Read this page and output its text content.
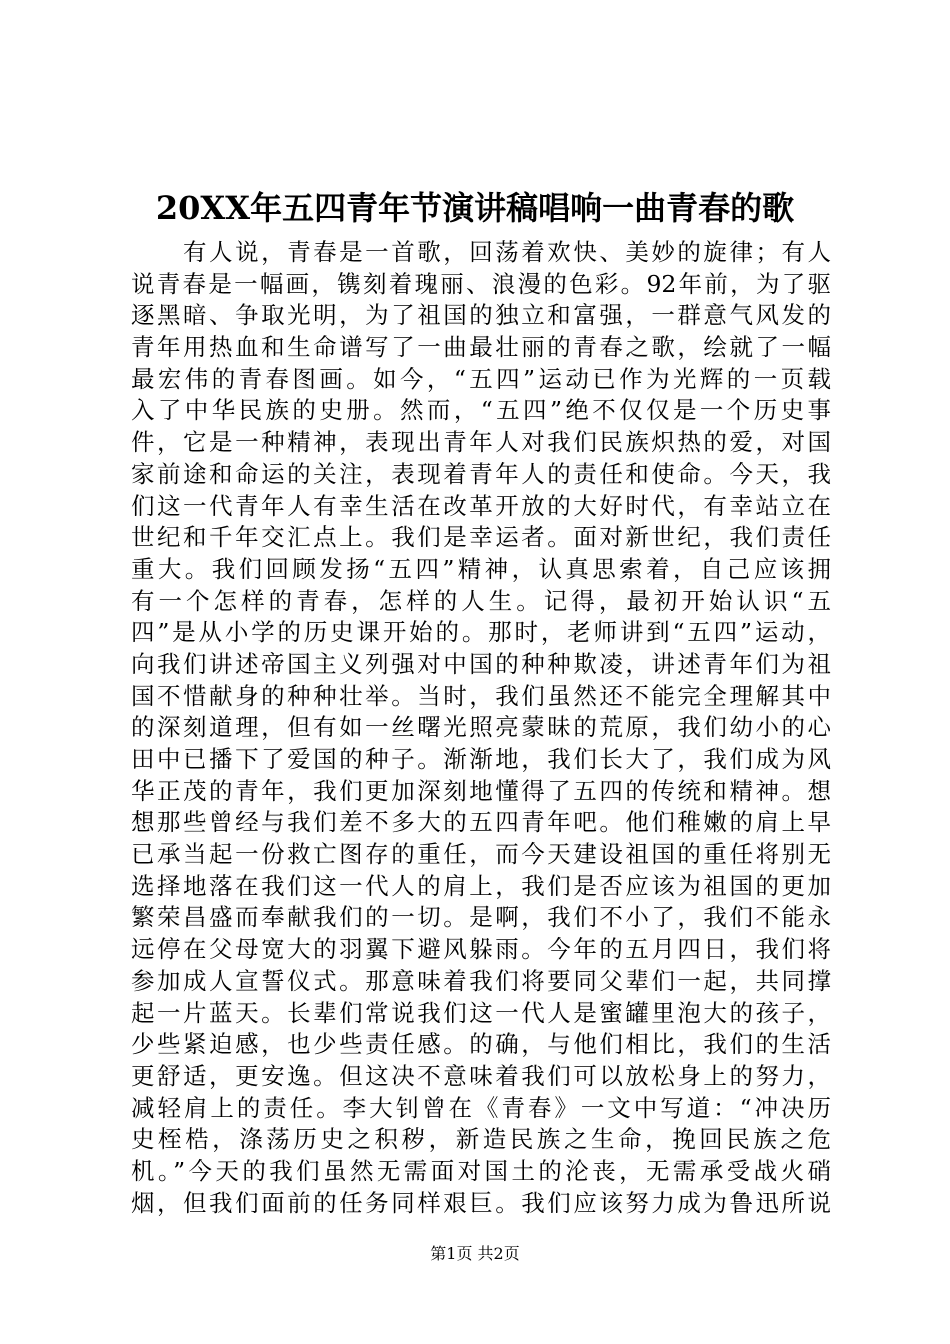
20XX年五四青年节演讲稿唱响一曲青春的歌
　　有人说，青春是一首歌，回荡着欢快、美妙的旋律；有人
说青春是一幅画，镌刻着瑰丽、浪漫的色彩。92年前，为了驱
逐黑暗、争取光明，为了祖国的独立和富强，一群意气风发的
青年用热血和生命谱写了一曲最壮丽的青春之歌，绘就了一幅
最宏伟的青春图画。如今，“五四”运动已作为光辉的一页载
入了中华民族的史册。然而，“五四”绝不仅仅是一个历史事
件，它是一种精神，表现出青年人对我们民族炽热的爱，对国
家前途和命运的关注，表现着青年人的责任和使命。今天，我
们这一代青年人有幸生活在改革开放的大好时代，有幸站立在
世纪和千年交汇点上。我们是幸运者。面对新世纪，我们责任
重大。我们回顾发扬“五四”精神，认真思索着，自己应该拥
有一个怎样的青春，怎样的人生。记得，最初开始认识“五
四”是从小学的历史课开始的。那时，老师讲到“五四”运动，
向我们讲述帝国主义列强对中国的种种欺凌，讲述青年们为祖
国不惜献身的种种壮举。当时，我们虽然还不能完全理解其中
的深刻道理，但有如一丝曙光照亮蒙昧的荒原，我们幼小的心
田中已播下了爱国的种子。渐渐地，我们长大了，我们成为风
华正茂的青年，我们更加深刻地懂得了五四的传统和精神。想
想那些曾经与我们差不多大的五四青年吧。他们稚嫩的肩上早
已承当起一份救亡图存的重任，而今天建设祖国的重任将别无
选择地落在我们这一代人的肩上，我们是否应该为祖国的更加
繁荣昌盛而奉献我们的一切。是啊，我们不小了，我们不能永
远停在父母宽大的羽翼下避风躲雨。今年的五月四日，我们将
参加成人宣誓仪式。那意味着我们将要同父辈们一起，共同撑
起一片蓝天。长辈们常说我们这一代人是蜜罐里泡大的孩子，
少些紧迫感，也少些责任感。的确，与他们相比，我们的生活
更舒适，更安逸。但这决不意味着我们可以放松身上的努力，
减轻肩上的责任。李大钊曾在《青春》一文中写道：“冲决历
史桎梏，涤荡历史之积秽，新造民族之生命，挽回民族之危
机。”今天的我们虽然无需面对国土的沦丧，无需承受战火硝
烟，但我们面前的任务同样艰巨。我们应该努力成为鲁迅所说
第1页 共2页
